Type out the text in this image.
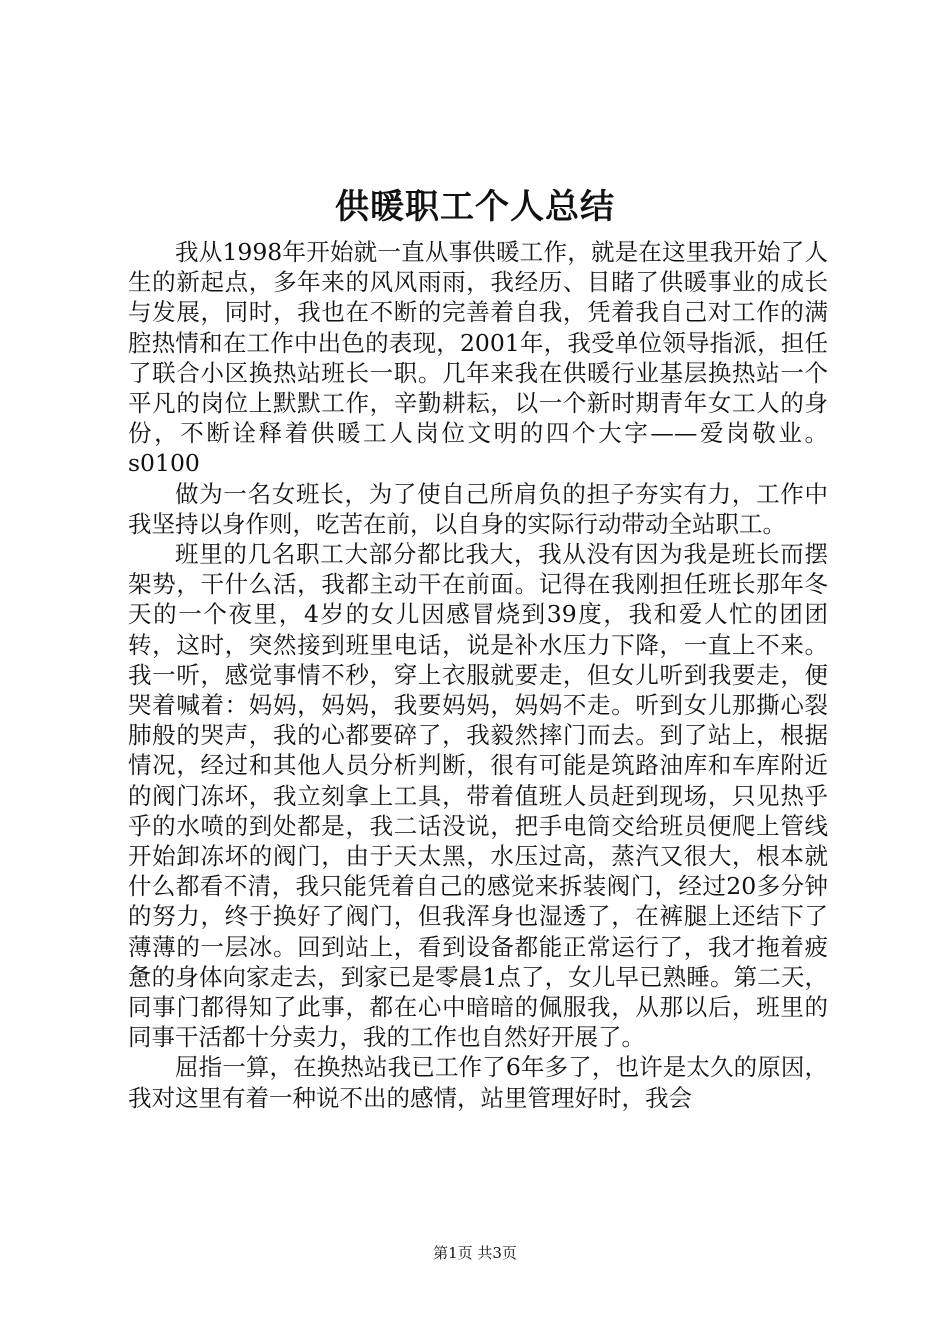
供暖职工个人总结

我从1998年开始就一直从事供暖工作，就是在这里我开始了人生的新起点，多年来的风风雨雨，我经历、目睹了供暖事业的成长与发展，同时，我也在不断的完善着自我，凭着我自己对工作的满腔热情和在工作中出色的表现，2001年，我受单位领导指派，担任了联合小区换热站班长一职。几年来我在供暖行业基层换热站一个平凡的岗位上默默工作，辛勤耕耘，以一个新时期青年女工人的身份，不断诠释着供暖工人岗位文明的四个大字——爱岗敬业。s0100

做为一名女班长，为了使自己所肩负的担子夯实有力，工作中我坚持以身作则，吃苦在前，以自身的实际行动带动全站职工。

班里的几名职工大部分都比我大，我从没有因为我是班长而摆架势，干什么活，我都主动干在前面。记得在我刚担任班长那年冬天的一个夜里，4岁的女儿因感冒烧到39度，我和爱人忙的团团转，这时，突然接到班里电话，说是补水压力下降，一直上不来。我一听，感觉事情不秒，穿上衣服就要走，但女儿听到我要走，便哭着喊着：妈妈，妈妈，我要妈妈，妈妈不走。听到女儿那撕心裂肺般的哭声，我的心都要碎了，我毅然摔门而去。到了站上，根据情况，经过和其他人员分析判断，很有可能是筑路油库和车库附近的阀门冻坏，我立刻拿上工具，带着值班人员赶到现场，只见热乎乎的水喷的到处都是，我二话没说，把手电筒交给班员便爬上管线开始卸冻坏的阀门，由于天太黑，水压过高，蒸汽又很大，根本就什么都看不清，我只能凭着自己的感觉来拆装阀门，经过20多分钟的努力，终于换好了阀门，但我浑身也湿透了，在裤腿上还结下了薄薄的一层冰。回到站上，看到设备都能正常运行了，我才拖着疲惫的身体向家走去，到家已是零晨1点了，女儿早已熟睡。第二天，同事门都得知了此事，都在心中暗暗的佩服我，从那以后，班里的同事干活都十分卖力，我的工作也自然好开展了。

屈指一算，在换热站我已工作了6年多了，也许是太久的原因，我对这里有着一种说不出的感情，站里管理好时，我会

第1页 共3页
